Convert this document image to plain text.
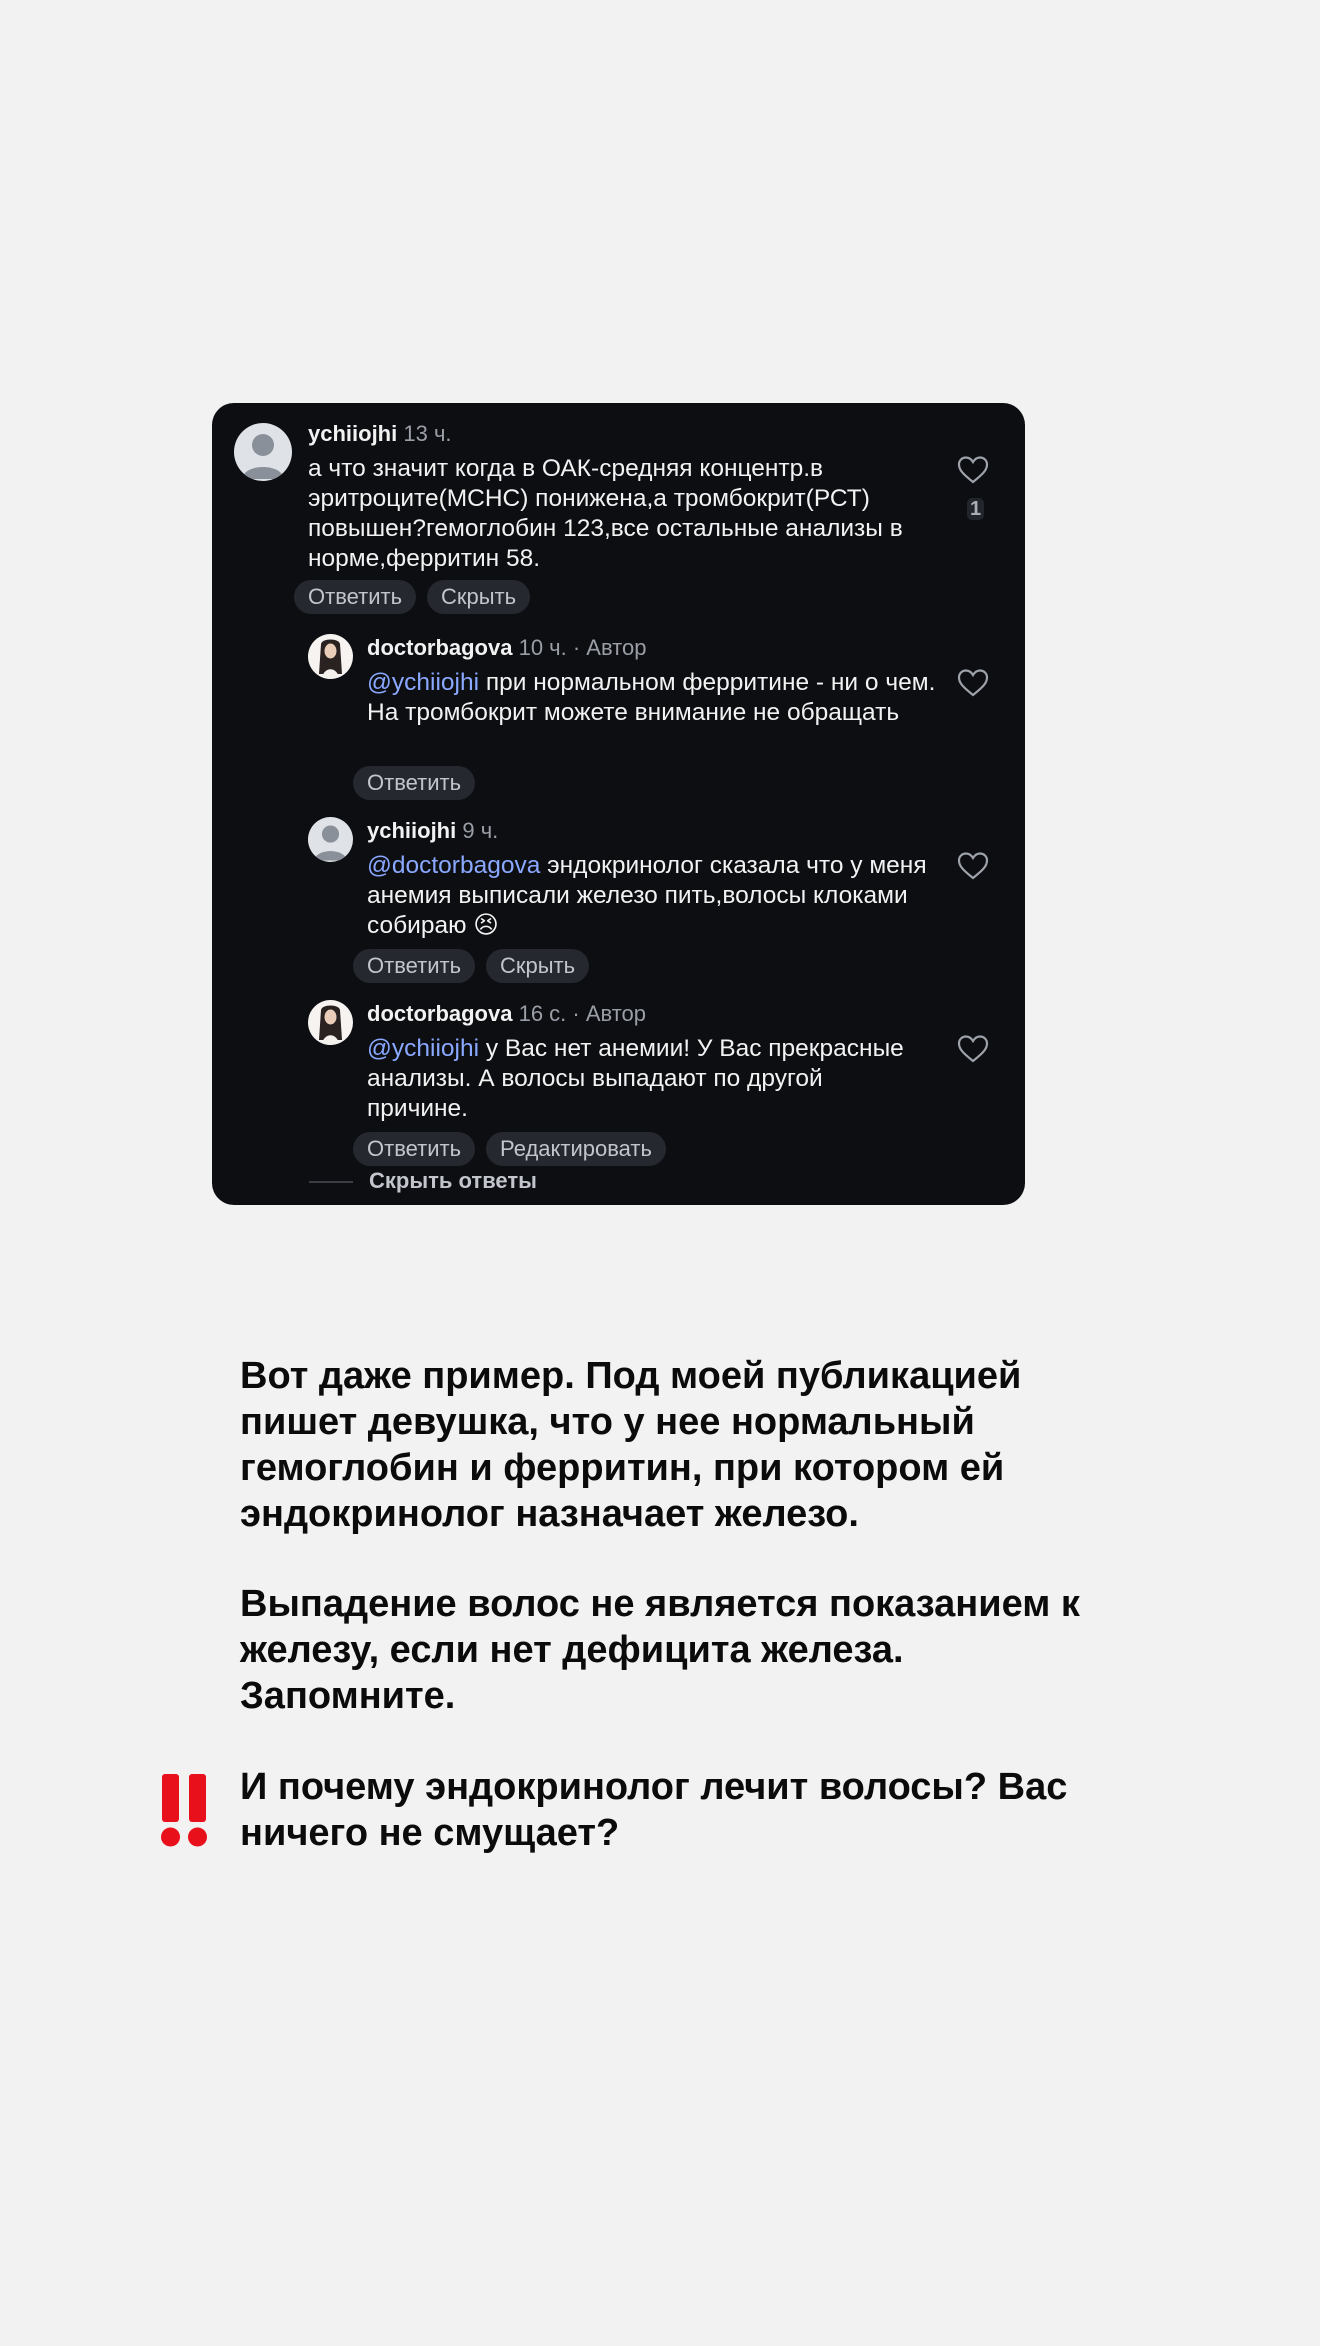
ychiiojhi 13 ч.
а что значит когда в ОАК-средняя концентр.в эритроците(МСНС) понижена,а тромбокрит(РСТ) повышен?гемоглобин 123,все остальные анализы в норме,ферритин 58.
Ответить	Скрыть
1
doctorbagova 10 ч. · Автор
@ychiiojhi при нормальном ферритине - ни о чем. На тромбокрит можете внимание не обращать
Ответить
ychiiojhi 9 ч.
@doctorbagova эндокринолог сказала что у меня анемия выписали железо пить,волосы клоками собираю 😣
Ответить	Скрыть
doctorbagova 16 с. · Автор
@ychiiojhi у Вас нет анемии! У Вас прекрасные анализы. А волосы выпадают по другой причине.
Ответить	Редактировать
Скрыть ответы

Вот даже пример. Под моей публикацией пишет девушка, что у нее нормальный гемоглобин и ферритин, при котором ей эндокринолог назначает железо.

Выпадение волос не является показанием к железу, если нет дефицита железа. Запомните.

И почему эндокринолог лечит волосы? Вас ничего не смущает?
